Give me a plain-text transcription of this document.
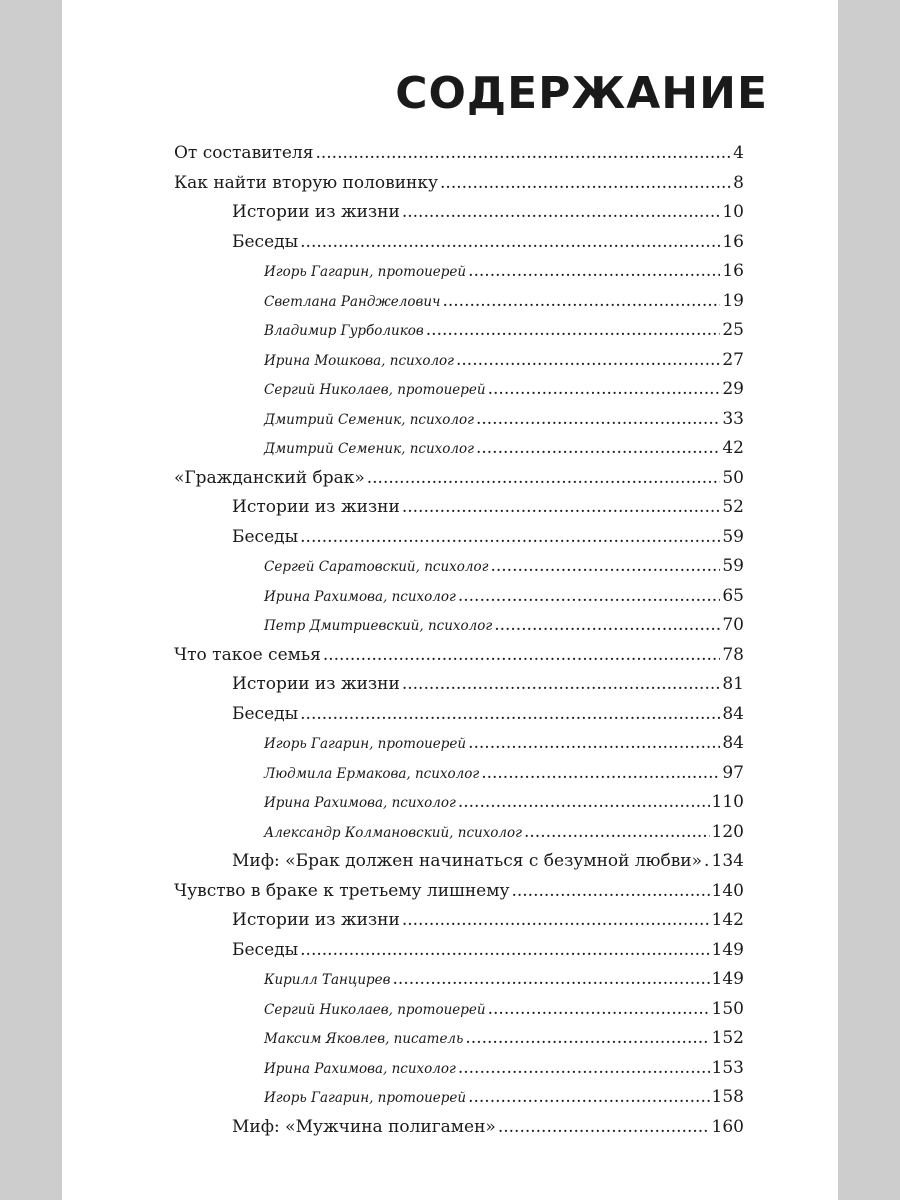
СОДЕРЖАНИЕ
От составителя .....	4
Как найти вторую половинку .....	8
Истории из жизни .....	10
Беседы .....	16
Игорь Гагарин, протоиерей .....	16
Светлана Ранджелович .....	19
Владимир Гурболиков .....	25
Ирина Мошкова, психолог .....	27
Сергий Николаев, протоиерей .....	29
Дмитрий Семеник, психолог .....	33
Дмитрий Семеник, психолог .....	42
«Гражданский брак» .....	50
Истории из жизни .....	52
Беседы .....	59
Сергей Саратовский, психолог .....	59
Ирина Рахимова, психолог .....	65
Петр Дмитриевский, психолог .....	70
Что такое семья .....	78
Истории из жизни .....	81
Беседы .....	84
Игорь Гагарин, протоиерей .....	84
Людмила Ермакова, психолог .....	97
Ирина Рахимова, психолог .....	110
Александр Колмановский, психолог .....	120
Миф: «Брак должен начинаться с безумной любви» ..... 134
Чувство в браке к третьему лишнему .....	140
Истории из жизни .....	142
Беседы .....	149
Кирилл Танцирев .....	149
Сергий Николаев, протоиерей .....	150
Максим Яковлев, писатель .....	152
Ирина Рахимова, психолог .....	153
Игорь Гагарин, протоиерей .....	158
Миф: «Мужчина полигамен» .....	160
